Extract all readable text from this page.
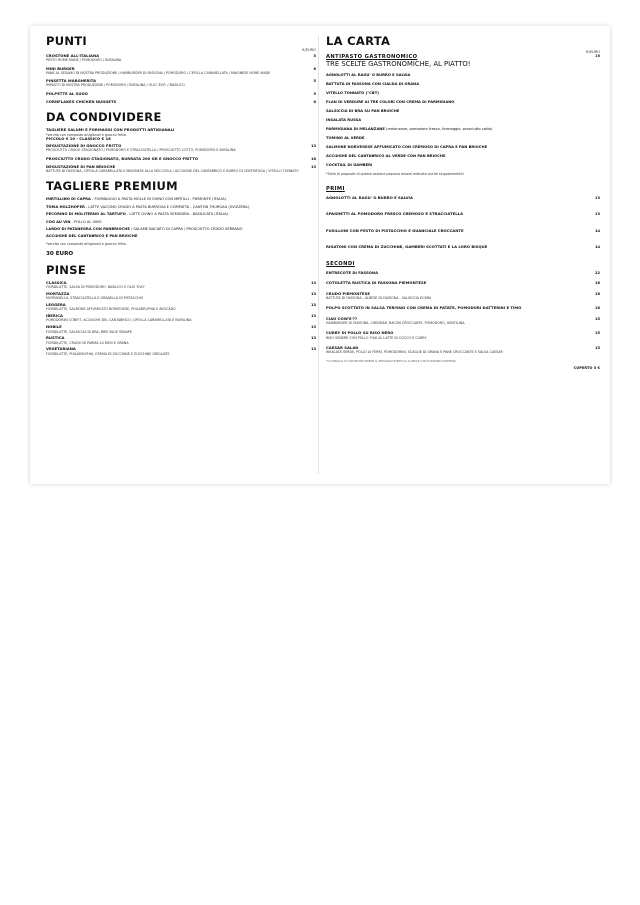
PUNTI
€/EURO
CROSTONE ALL'ITALIANA
PESTO HOME-MADE / POMODORO / BUFALINA
5
MINI BURGER
PANE AL SESAMO DI NOSTRA PRODUZIONE / HAMBURGER DI FASSONA / POMODORO / CIPOLLA CARAMELLATA / MAIONESE HOME-MADE
6
PINSETTA MARGHERITA
IMPASTO DI NOSTRA PRODUZIONE / POMODORO / BUFALINA / OLIO 'EVO' / BASILICO
5
POLPETTE AL SUGO	5
CORNFLAKES CHICKEN NUGGETS	6
DA CONDIVIDERE
TAGLIERE SALUMI E FORMAGGI CON PRODOTTI ARTIGIANALI
*servito con composte artigianali e gnocco fritto.
PICCOLO € 10 - CLASSICO € 16
DEGUSTAZIONE DI GNOCCO FRITTO
PROSCIUTTO CRUDO STAGIONATO / POMODORO E STRACCIATELLA / PROSCIUTTO COTTO, POMODORO E BUFALINA
13
PROSCIUTTO CRUDO STAGIONATO, BURRATA 200 GR E GNOCCO FRITTO	16
DEGUSTAZIONE DI PAN BRIOCHE
BATTUTA DI FASSONA, CIPOLLA CARAMELLATA E MAIONESE ALLA NOCCIOLA / ACCIUGHE DEL CANTABRICO E BURRO DI CENTRIFUGA / VITELLO TONNATO
13
TAGLIERE PREMIUM
MIRTILLINO DI CAPRA - FORMAGGIO A PASTA MOLLE DI OVINO CON MIRTILLI - PIEMONTE (ITALIA)
TOMA HOLZHOFER - LATTE VACCINO CRUDO A PASTA BURROSA E COMPATTA - CANTON THURGAU (SVIZZERA)
PECORINO DI MOLITERNO AL TARTUFO - LATTE OVINO A PASTA SEMIDURA - BASILICATA (ITALIA)
COG AU VIN - POLLO AL VINO
LARDO DI PATANEGRA CON PANBRIOCHE / SALAME BACIATO DI CAPRA / PROSCIUTTO CRUDO SERRANO
ACCIUGHE DEL CANTABRICO E PAN BRIOCHE
*servito con composte artigianali e gnocco fritto.
30 EURO
PINSE
CLASSICA
FIORDILATTE, SALSA DI POMODORO, BASILICO E OLIO 'EVO'
13
MORTAZZA
MORTADELLA, STRACCIATELLA E GRANELLA DI PISTACCHIO
13
LEGGERA
FIORDILATTE, SALMONE AFFUMICATO NORVEGESE, PHILADELPHIA E AVOCADO
13
IBERICA
POMODORINI CONFIT, ACCIUGHE DEL CANTABRICO, CIPOLLA CARAMELLATA E BUFALINA
13
NOBILE
FIORDILATTE, SALSICCIA DI BRA, BRIE BLUE SENAPE
13
RUSTICA
FIORDILATTE, CRUDO DI PARMA 24 MESI E GRANA
13
VEGETARIANA
FIORDILATTE, PHILADELPHIA, CREMA DI ZUCCHINE E ZUCCHINE GRIGLIATE
13
LA CARTA
€/EURO
ANTIPASTO GASTRONOMICO	16
TRE SCELTE GASTRONOMICHE, AL PIATTO!
AGNOLOTTI AL RAGU' O BURRO E SALVIA
BATTUTA DI FASSONA CON CIALDA DI GRANA
VITELLO TONNATO ("CBT)
FLAN DI VERDURE AI TRE COLORI CON CREMA DI PARMIGIANO
SALSICCIA DI BRA SU PAN BRIOCHE
INSALATA RUSSA
PARMIGIANA DI MELANZANE (melanzane, pomodoro fresco, formaggio, prosciutto cotto)
TOMINO AL VERDE
SALMONE NORVEGESE AFFUMICATO CON CREMOSO DI CAPRA E PAN BRIOCHE
ACCIUGHE DEL CANTABRICO AL VERDE CON PAN BRIOCHE
COCKTAIL DI GAMBERI
*Tutte le proposte di questa sezione possono essere ordinate anche singolarmente!
PRIMI
AGNOLOTTI AL RAGU' O BURRO E SALVIA	13
SPAGHETTI AL POMODORO FRESCO CREMOSO E STRACCIATELLA	13
FUSILLONI CON PESTO DI PISTACCHIO E GUANCIALE CROCCANTE	14
RIGATONI CON CREMA DI ZUCCHINE, GAMBERI SCOTTATI E LA LORO BISQUE	14
SECONDI
ENTRECOTE DI FASSONA	22
COTOLETTA RUSTICA DI FASSONA PIEMONTESE	16
CRUDO PIEMONTESE
BATTUTA DI FASSONA - ALBESE DI FASSONA - SALSICCIA DI BRA
16
POLPO SCOTTATO IN SALSA TERIYAKI CON CREMA DI PATATE, POMODORI DATTERINI E TIMO	18
CIAO COW'E'??
HAMBURGER DI FASSONA, CHEDDAR, BACON CROCCANTE, POMODORO, GENTILINA.
15
CURRY DI POLLO SU RISO NERO
RISO VENERE CON POLLO THAI AL LATTE DI COCCO E CURRY
15
CAESAR SALAD
INSALATA VERDE, POLLO AI FERRI, POMODORINI, SCAGLIE DI GRANA E PANE CROCCANTE E SALSA CAESAR
15
*SI CONSIGLIA DI COMUNICARE SEMPRE AL PERSONALE EVENTUALI ALLERGIE O INTOLLERANZE ALIMENTARI.
COPERTO 3 €
